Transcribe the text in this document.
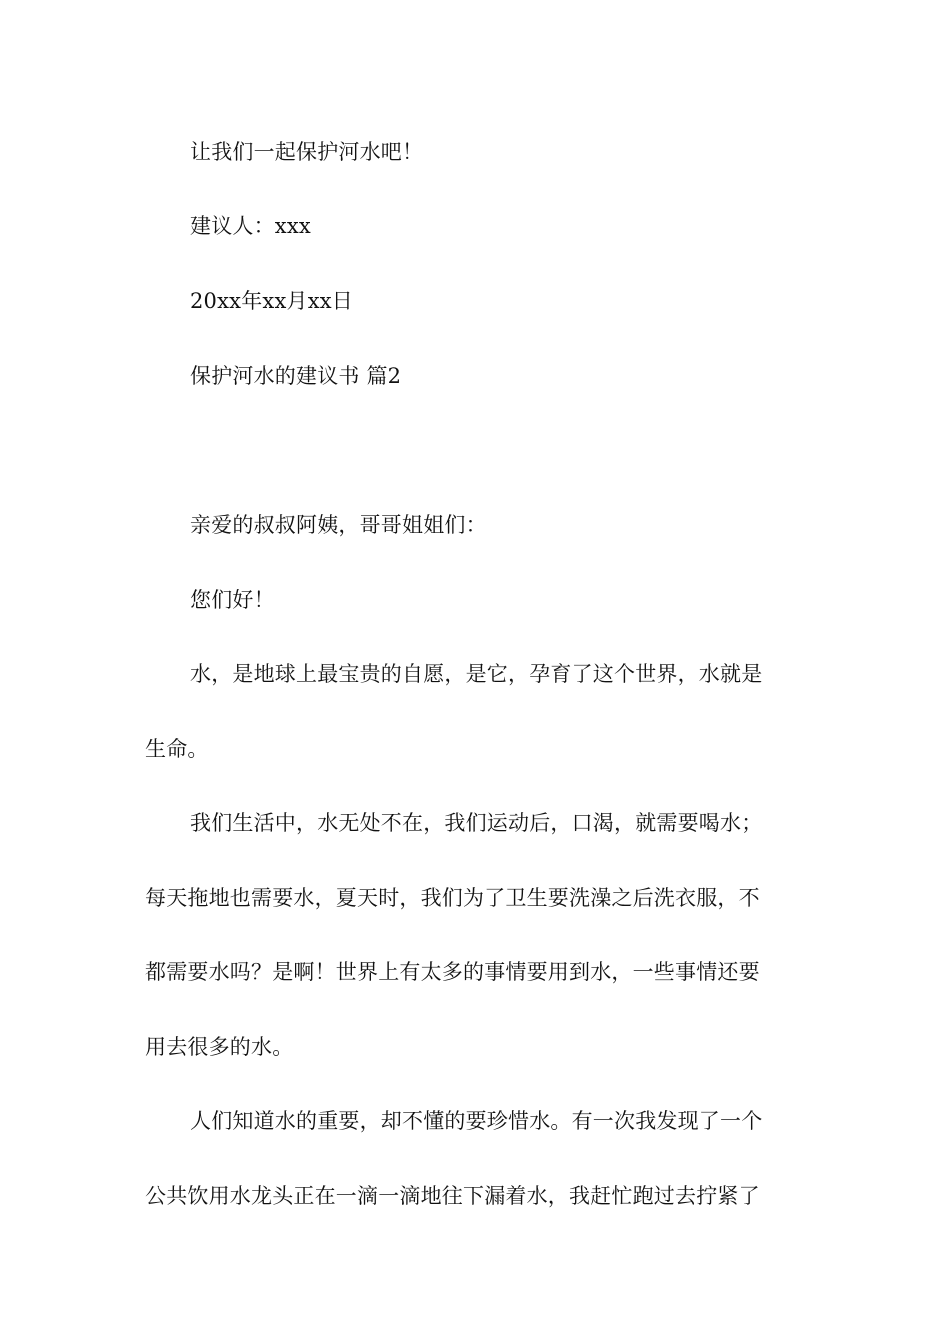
让我们一起保护河水吧！
建议人：xxx
20xx年xx月xx日
保护河水的建议书 篇2
亲爱的叔叔阿姨，哥哥姐姐们：
您们好！
水，是地球上最宝贵的自愿，是它，孕育了这个世界，水就是
生命。
我们生活中，水无处不在，我们运动后，口渴，就需要喝水；
每天拖地也需要水，夏天时，我们为了卫生要洗澡之后洗衣服，不
都需要水吗？是啊！世界上有太多的事情要用到水，一些事情还要
用去很多的水。
人们知道水的重要，却不懂的要珍惜水。有一次我发现了一个
公共饮用水龙头正在一滴一滴地往下漏着水，我赶忙跑过去拧紧了
